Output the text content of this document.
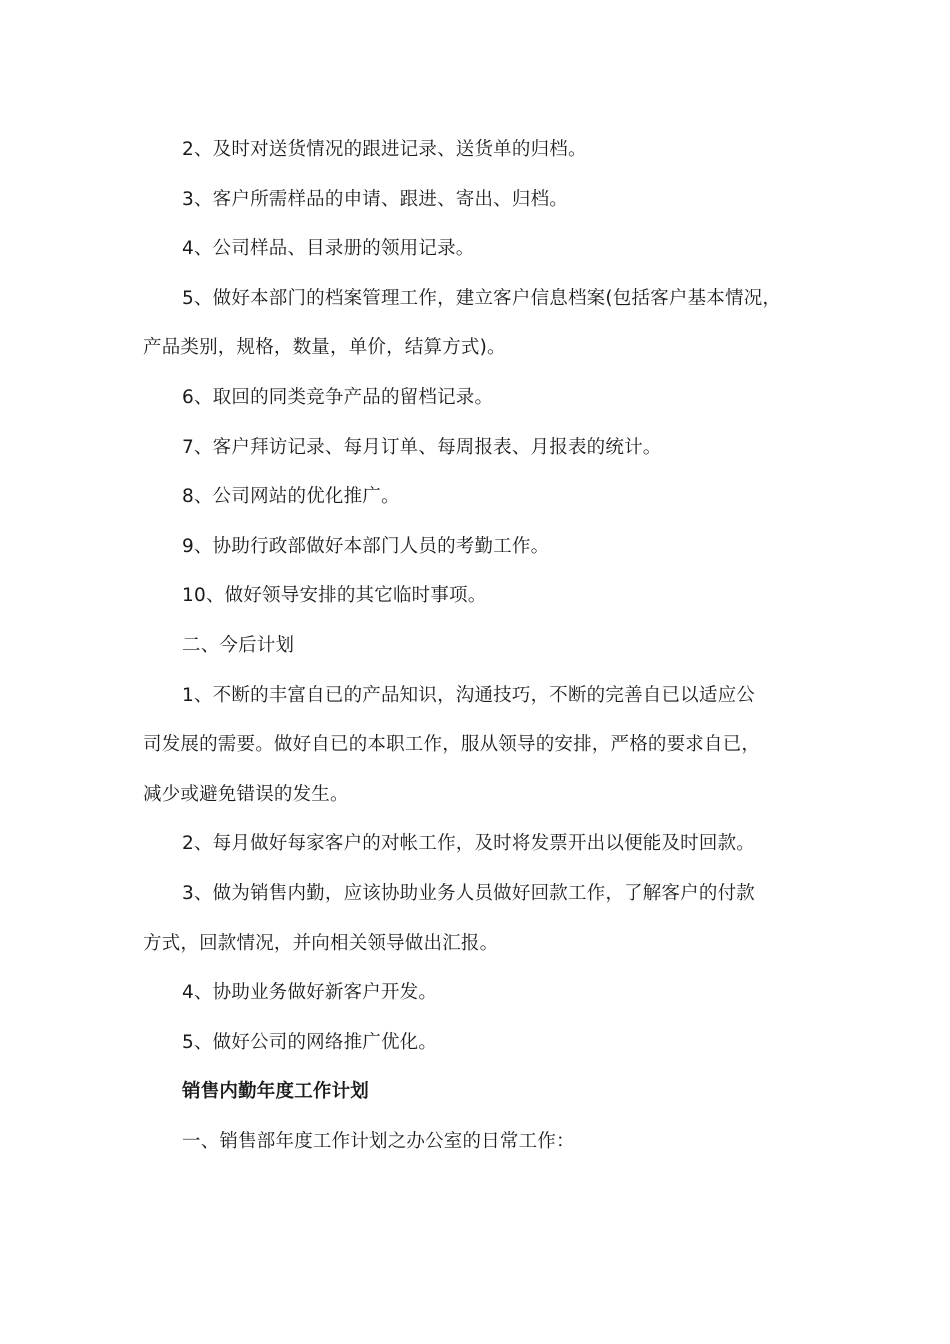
2、及时对送货情况的跟进记录、送货单的归档。
3、客户所需样品的申请、跟进、寄出、归档。
4、公司样品、目录册的领用记录。
5、做好本部门的档案管理工作，建立客户信息档案(包括客户基本情况，
产品类别，规格，数量，单价，结算方式)。
6、取回的同类竞争产品的留档记录。
7、客户拜访记录、每月订单、每周报表、月报表的统计。
8、公司网站的优化推广。
9、协助行政部做好本部门人员的考勤工作。
10、做好领导安排的其它临时事项。
二、今后计划
1、不断的丰富自已的产品知识，沟通技巧，不断的完善自已以适应公
司发展的需要。做好自已的本职工作，服从领导的安排，严格的要求自已，
减少或避免错误的发生。
2、每月做好每家客户的对帐工作，及时将发票开出以便能及时回款。
3、做为销售内勤，应该协助业务人员做好回款工作，了解客户的付款
方式，回款情况，并向相关领导做出汇报。
4、协助业务做好新客户开发。
5、做好公司的网络推广优化。
销售内勤年度工作计划
一、销售部年度工作计划之办公室的日常工作：
